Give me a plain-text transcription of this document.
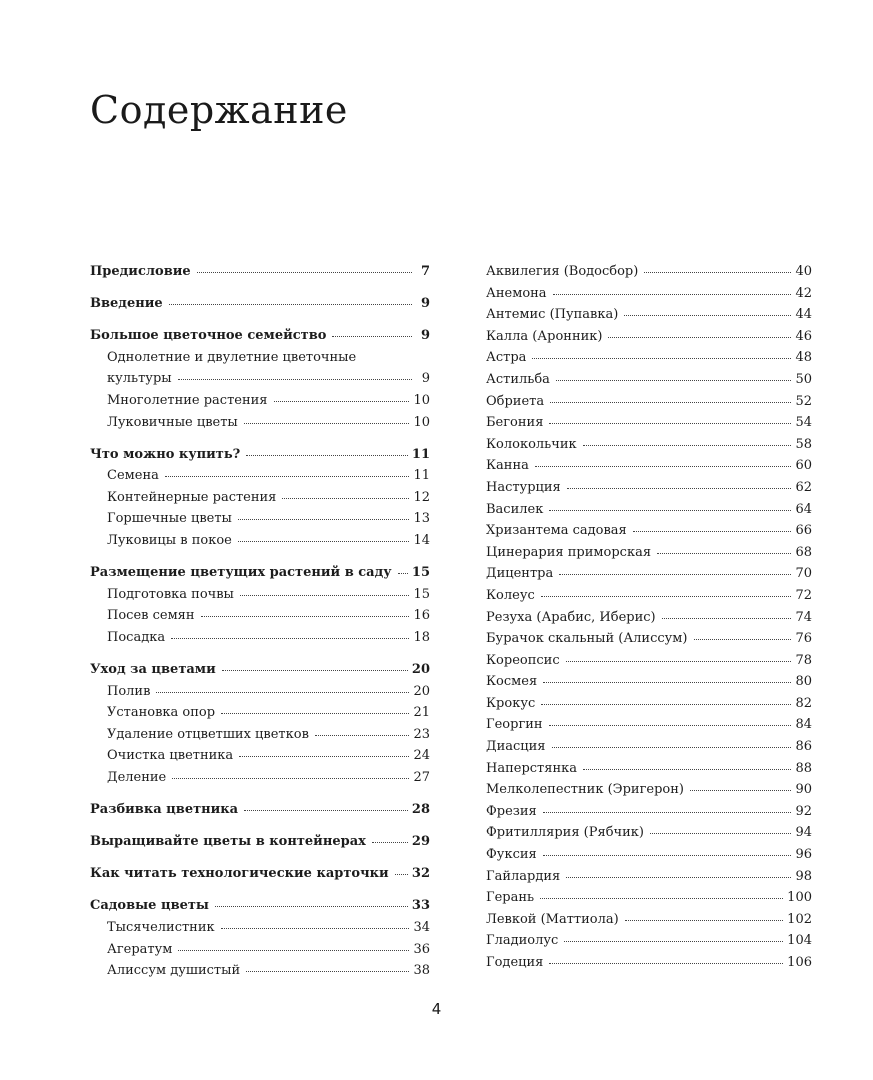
Содержание
Предисловие	7
Введение	9
Большое цветочное семейство	9
Однолетние и двулетние цветочные
культуры	9
Многолетние растения	10
Луковичные цветы	10
Что можно купить?	11
Семена	11
Контейнерные растения	12
Горшечные цветы	13
Луковицы в покое	14
Размещение цветущих растений в саду 15
Подготовка почвы	15
Посев семян	16
Посадка	18
Уход за цветами	20
Полив	20
Установка опор	21
Удаление отцветших цветков	23
Очистка цветника	24
Деление	27
Разбивка цветника	28
Выращивайте цветы в контейнерах	29
Как читать технологические карточки 32
Садовые цветы	33
Тысячелистник	34
Агератум	36
Алиссум душистый	38
Аквилегия (Водосбор)	40
Анемона	42
Антемис (Пупавка)	44
Калла (Аронник)	46
Астра	48
Астильба	50
Обриета	52
Бегония	54
Колокольчик	58
Канна	60
Настурция	62
Василек	64
Хризантема садовая	66
Цинерария приморская	68
Дицентра	70
Колеус	72
Резуха (Арабис, Иберис)	74
Бурачок скальный (Алиссум)	76
Кореопсис	78
Космея	80
Крокус	82
Георгин	84
Диасция	86
Наперстянка	88
Мелколепестник (Эригерон)	90
Фрезия	92
Фритиллярия (Рябчик)	94
Фуксия	96
Гайлардия	98
Герань	100
Левкой (Маттиола)	102
Гладиолус	104
Годеция	106
4
